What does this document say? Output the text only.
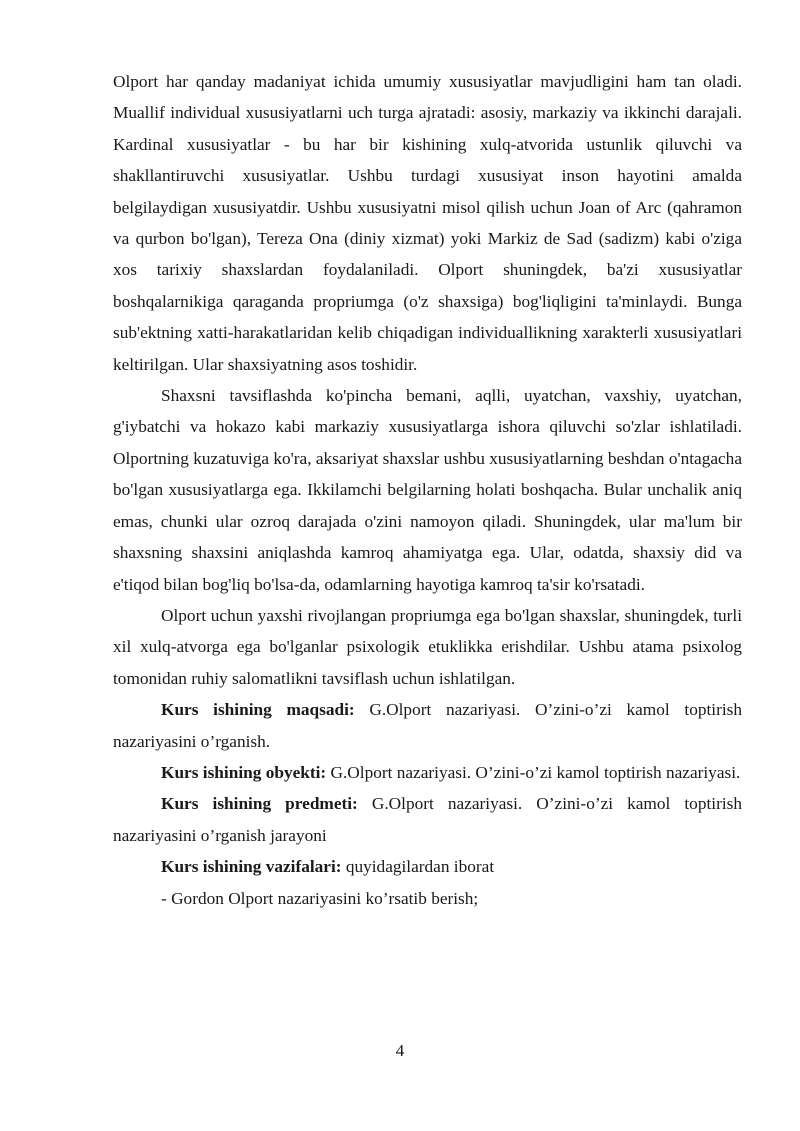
Olport har qanday madaniyat ichida umumiy xususiyatlar mavjudligini ham tan oladi. Muallif individual xususiyatlarni uch turga ajratadi: asosiy, markaziy va ikkinchi darajali. Kardinal xususiyatlar - bu har bir kishining xulq-atvorida ustunlik qiluvchi va shakllantiruvchi xususiyatlar. Ushbu turdagi xususiyat inson hayotini amalda belgilaydigan xususiyatdir. Ushbu xususiyatni misol qilish uchun Joan of Arc (qahramon va qurbon bo'lgan), Tereza Ona (diniy xizmat) yoki Markiz de Sad (sadizm) kabi o'ziga xos tarixiy shaxslardan foydalaniladi. Olport shuningdek, ba'zi xususiyatlar boshqalarnikiga qaraganda propriumga (o'z shaxsiga) bog'liqligini ta'minlaydi. Bunga sub'ektning xatti-harakatlaridan kelib chiqadigan individuallikning xarakterli xususiyatlari keltirilgan. Ular shaxsiyatning asos toshidir.

Shaxsni tavsiflashda ko'pincha bemani, aqlli, uyatchan, vaxshiy, uyatchan, g'iybatchi va hokazo kabi markaziy xususiyatlarga ishora qiluvchi so'zlar ishlatiladi. Olportning kuzatuviga ko'ra, aksariyat shaxslar ushbu xususiyatlarning beshdan o'ntagacha bo'lgan xususiyatlarga ega. Ikkilamchi belgilarning holati boshqacha. Bular unchalik aniq emas, chunki ular ozroq darajada o'zini namoyon qiladi. Shuningdek, ular ma'lum bir shaxsning shaxsini aniqlashda kamroq ahamiyatga ega. Ular, odatda, shaxsiy did va e'tiqod bilan bog'liq bo'lsa-da, odamlarning hayotiga kamroq ta'sir ko'rsatadi.

Olport uchun yaxshi rivojlangan propriumga ega bo'lgan shaxslar, shuningdek, turli xil xulq-atvorga ega bo'lganlar psixologik etuklikka erishdilar. Ushbu atama psixolog tomonidan ruhiy salomatlikni tavsiflash uchun ishlatilgan.

Kurs ishining maqsadi: G.Olport nazariyasi. O’zini-o’zi kamol toptirish nazariyasini o’rganish.

Kurs ishining obyekti: G.Olport nazariyasi. O’zini-o’zi kamol toptirish nazariyasi.

Kurs ishining predmeti: G.Olport nazariyasi. O’zini-o’zi kamol toptirish nazariyasini o’rganish jarayoni

Kurs ishining vazifalari: quyidagilardan iborat

- Gordon Olport nazariyasini ko’rsatib berish;

4
